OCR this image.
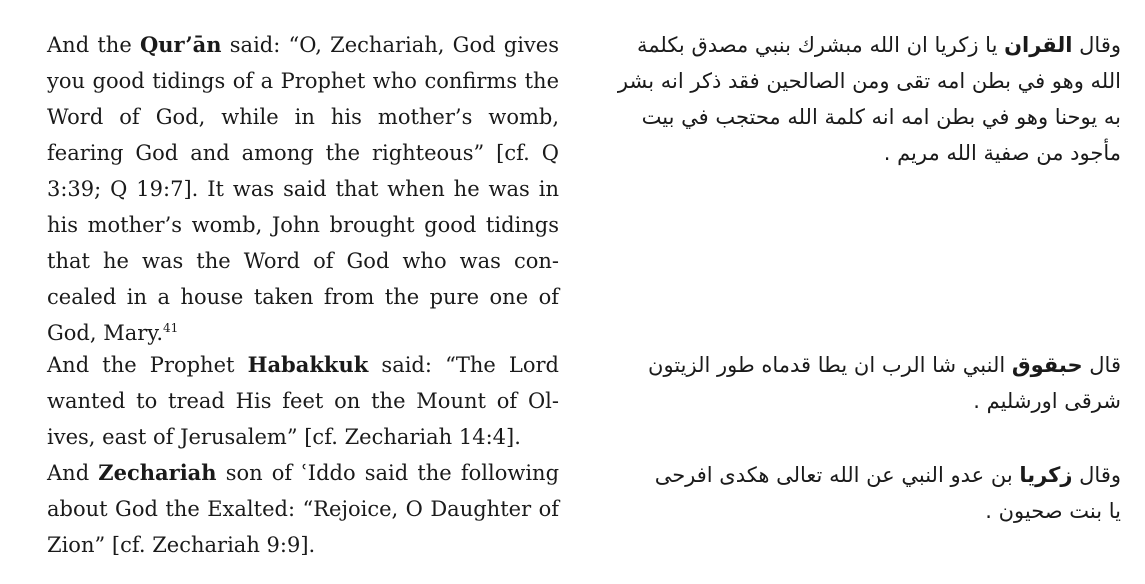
And the Qur’ān said: “O, Zechariah, God gives you good tidings of a Prophet who confirms the Word of God, while in his mother’s womb, fearing God and among the righteous” [cf. Q 3:39; Q 19:7]. It was said that when he was in his mother’s womb, John brought good tidings that he was the Word of God who was concealed in a house taken from the pure one of God, Mary.$^{41}$
وقال القران يا زكريا ان الله مبشرك بنبي مصدق بكلمة الله وهو في بطن امه تقى ومن الصالحين فقد ذكر انه بشر به يوحنا وهو في بطن امه انه كلمة الله محتجب في بيت مأجود من صفية الله مريم .
And the Prophet Habakkuk said: “The Lord wanted to tread His feet on the Mount of Olives, east of Jerusalem” [cf. Zechariah 14:4].
قال حبقوق النبي شا الرب ان يطا قدماه طور الزيتون شرقى اورشليم .
And Zechariah son of ʿIddo said the following about God the Exalted: “Rejoice, O Daughter of Zion” [cf. Zechariah 9:9].
وقال زكريا بن عدو النبي عن الله تعالى هكدى افرحى يا بنت صحيون .
